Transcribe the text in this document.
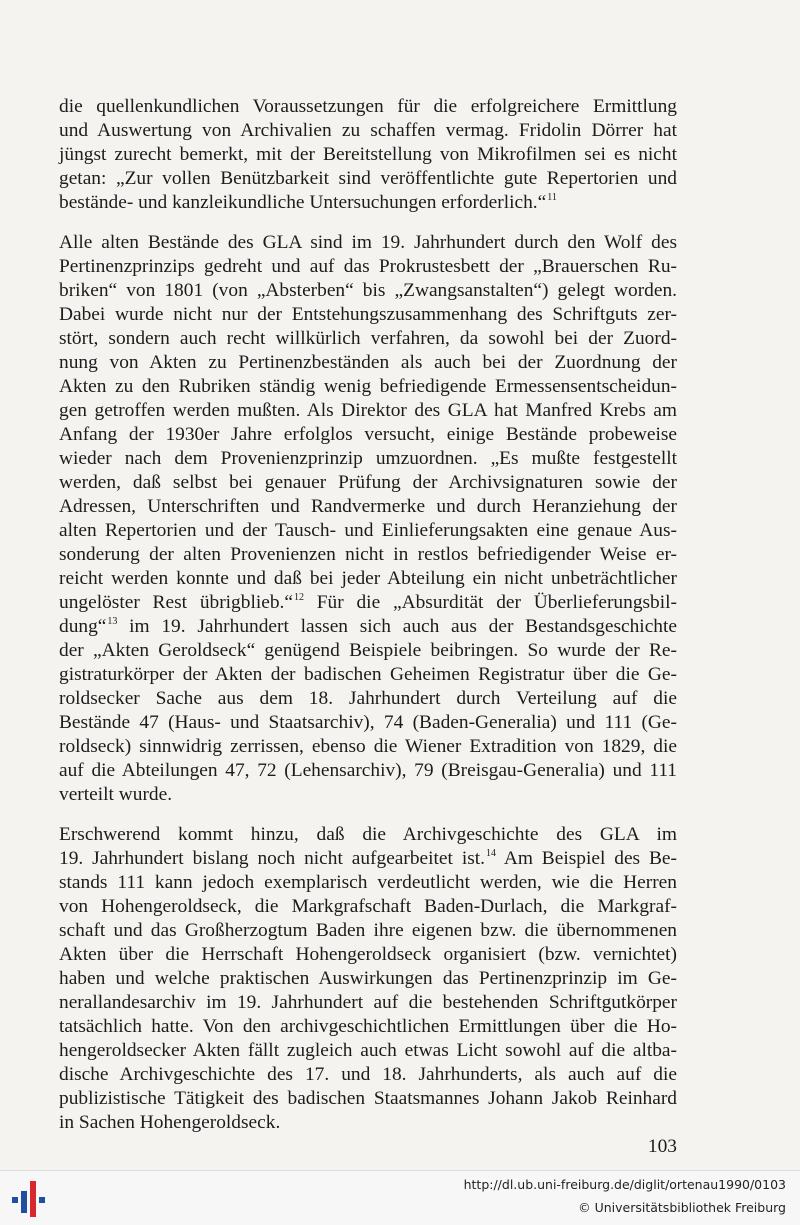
die quellenkundlichen Voraussetzungen für die erfolgreichere Ermittlung
und Auswertung von Archivalien zu schaffen vermag. Fridolin Dörrer hat
jüngst zurecht bemerkt, mit der Bereitstellung von Mikrofilmen sei es nicht
getan: „Zur vollen Benützbarkeit sind veröffentlichte gute Repertorien und
bestände- und kanzleikundliche Untersuchungen erforderlich.“$^{11}$
Alle alten Bestände des GLA sind im 19. Jahrhundert durch den Wolf des
Pertinenzprinzips gedreht und auf das Prokrustesbett der „Brauerschen Ru-
briken“ von 1801 (von „Absterben“ bis „Zwangsanstalten“) gelegt worden.
Dabei wurde nicht nur der Entstehungszusammenhang des Schriftguts zer-
stört, sondern auch recht willkürlich verfahren, da sowohl bei der Zuord-
nung von Akten zu Pertinenzbeständen als auch bei der Zuordnung der
Akten zu den Rubriken ständig wenig befriedigende Ermessensentscheidun-
gen getroffen werden mußten. Als Direktor des GLA hat Manfred Krebs am
Anfang der 1930er Jahre erfolglos versucht, einige Bestände probeweise
wieder nach dem Provenienzprinzip umzuordnen. „Es mußte festgestellt
werden, daß selbst bei genauer Prüfung der Archivsignaturen sowie der
Adressen, Unterschriften und Randvermerke und durch Heranziehung der
alten Repertorien und der Tausch- und Einlieferungsakten eine genaue Aus-
sonderung der alten Provenienzen nicht in restlos befriedigender Weise er-
reicht werden konnte und daß bei jeder Abteilung ein nicht unbeträchtlicher
ungelöster Rest übrigblieb.“$^{12}$ Für die „Absurdität der Überlieferungsbil-
dung“$^{13}$ im 19. Jahrhundert lassen sich auch aus der Bestandsgeschichte
der „Akten Geroldseck“ genügend Beispiele beibringen. So wurde der Re-
gistraturkörper der Akten der badischen Geheimen Registratur über die Ge-
roldsecker Sache aus dem 18. Jahrhundert durch Verteilung auf die
Bestände 47 (Haus- und Staatsarchiv), 74 (Baden-Generalia) und 111 (Ge-
roldseck) sinnwidrig zerrissen, ebenso die Wiener Extradition von 1829, die
auf die Abteilungen 47, 72 (Lehensarchiv), 79 (Breisgau-Generalia) und 111
verteilt wurde.
Erschwerend kommt hinzu, daß die Archivgeschichte des GLA im
19. Jahrhundert bislang noch nicht aufgearbeitet ist.$^{14}$ Am Beispiel des Be-
stands 111 kann jedoch exemplarisch verdeutlicht werden, wie die Herren
von Hohengeroldseck, die Markgrafschaft Baden-Durlach, die Markgraf-
schaft und das Großherzogtum Baden ihre eigenen bzw. die übernommenen
Akten über die Herrschaft Hohengeroldseck organisiert (bzw. vernichtet)
haben und welche praktischen Auswirkungen das Pertinenzprinzip im Ge-
nerallandesarchiv im 19. Jahrhundert auf die bestehenden Schriftgutkörper
tatsächlich hatte. Von den archivgeschichtlichen Ermittlungen über die Ho-
hengeroldsecker Akten fällt zugleich auch etwas Licht sowohl auf die altba-
dische Archivgeschichte des 17. und 18. Jahrhunderts, als auch auf die
publizistische Tätigkeit des badischen Staatsmannes Johann Jakob Reinhard
in Sachen Hohengeroldseck.
103
http://dl.ub.uni-freiburg.de/diglit/ortenau1990/0103
© Universitätsbibliothek Freiburg
